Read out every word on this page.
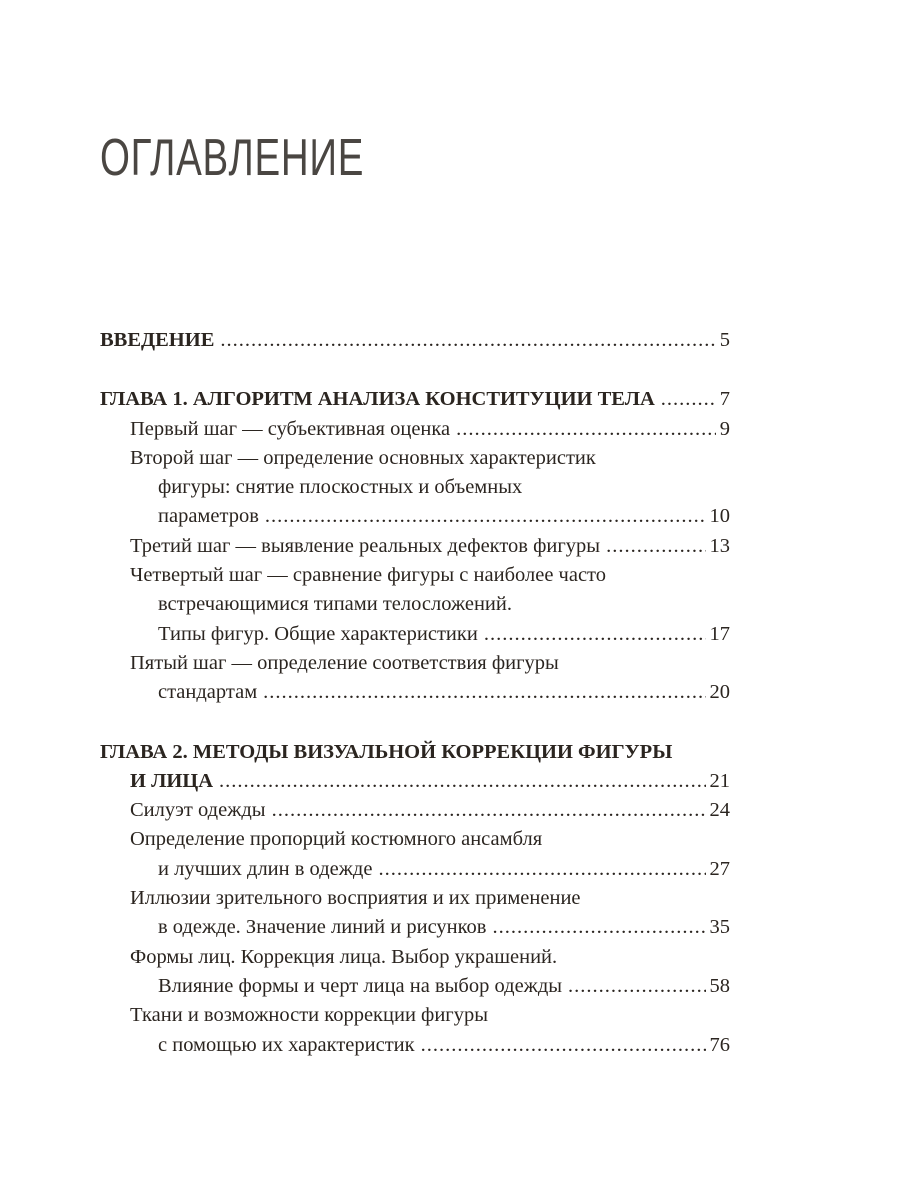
ОГЛАВЛЕНИЕ
ВВЕДЕНИЕ .....	5
ГЛАВА 1. АЛГОРИТМ АНАЛИЗА КОНСТИТУЦИИ ТЕЛА .....	7
Первый шаг — субъективная оценка .....	9
Второй шаг — определение основных характеристик
фигуры: снятие плоскостных и объемных
параметров .....	10
Третий шаг — выявление реальных дефектов фигуры .....	13
Четвертый шаг — сравнение фигуры с наиболее часто
встречающимися типами телосложений.
Типы фигур. Общие характеристики .....	17
Пятый шаг — определение соответствия фигуры
стандартам .....	20
ГЛАВА 2. МЕТОДЫ ВИЗУАЛЬНОЙ КОРРЕКЦИИ ФИГУРЫ
И ЛИЦА .....	21
Силуэт одежды .....	24
Определение пропорций костюмного ансамбля
и лучших длин в одежде .....	27
Иллюзии зрительного восприятия и их применение
в одежде. Значение линий и рисунков .....	35
Формы лиц. Коррекция лица. Выбор украшений.
Влияние формы и черт лица на выбор одежды .....	58
Ткани и возможности коррекции фигуры
с помощью их характеристик .....	76
